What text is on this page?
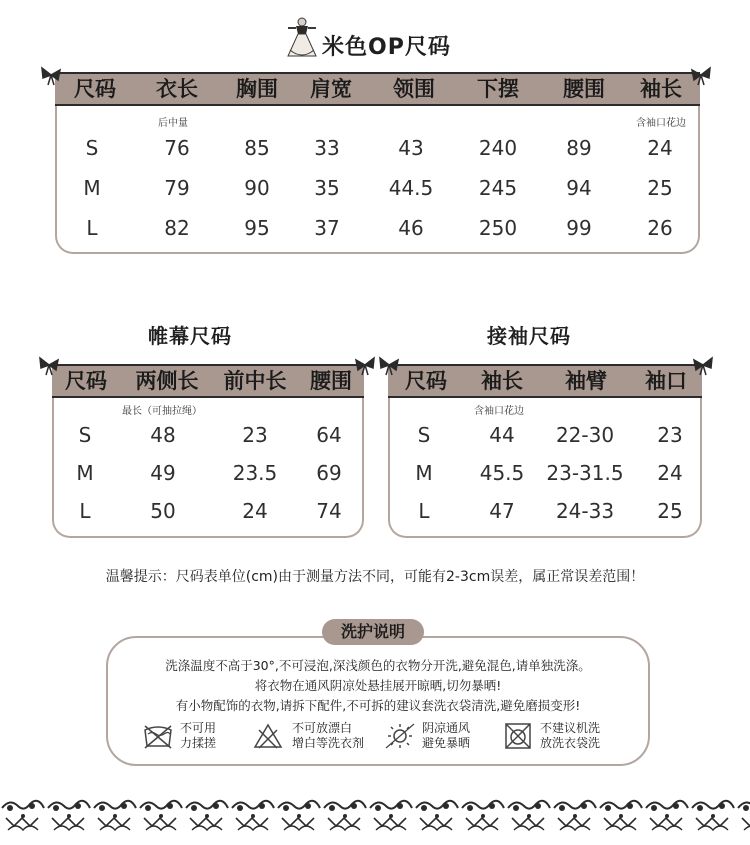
米色OP尺码
尺码	衣长	胸围	肩宽	领围	下摆	腰围	袖长
后中量	含袖口花边
S	76	85	33	43	240	89	24
M	79	90	35	44.5	245	94	25
L	82	95	37	46	250	99	26
帷幕尺码
尺码	两侧长	前中长	腰围
最长（可抽拉绳）
S	48	23	64
M	49	23.5	69
L	50	24	74
接袖尺码
尺码	袖长	袖臂	袖口
含袖口花边
S	44	22-30	23
M	45.5	23-31.5	24
L	47	24-33	25
温馨提示：尺码表单位(cm)由于测量方法不同，可能有2-3cm误差，属正常误差范围！
洗护说明
洗涤温度不高于30°,不可浸泡,深浅颜色的衣物分开洗,避免混色,请单独洗涤。
将衣物在通风阴凉处悬挂展开晾晒,切勿暴晒!
有小物配饰的衣物,请拆下配件,不可拆的建议套洗衣袋清洗,避免磨损变形!
不可用
力揉搓
不可放漂白
增白等洗衣剂
阴凉通风
避免暴晒
不建议机洗
放洗衣袋洗
